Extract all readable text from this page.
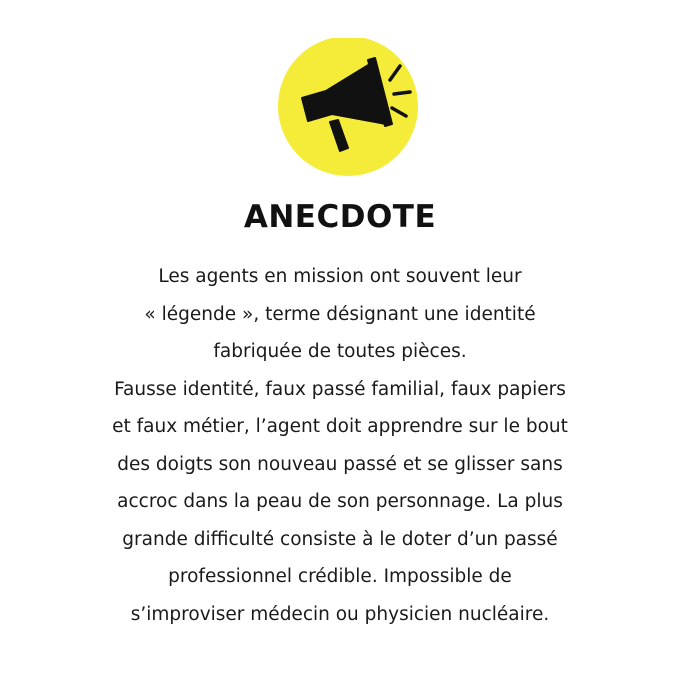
ANECDOTE

Les agents en mission ont souvent leur
« légende », terme désignant une identité
fabriquée de toutes pièces.
Fausse identité, faux passé familial, faux papiers
et faux métier, l’agent doit apprendre sur le bout
des doigts son nouveau passé et se glisser sans
accroc dans la peau de son personnage. La plus
grande difficulté consiste à le doter d’un passé
professionnel crédible. Impossible de
s’improviser médecin ou physicien nucléaire.
